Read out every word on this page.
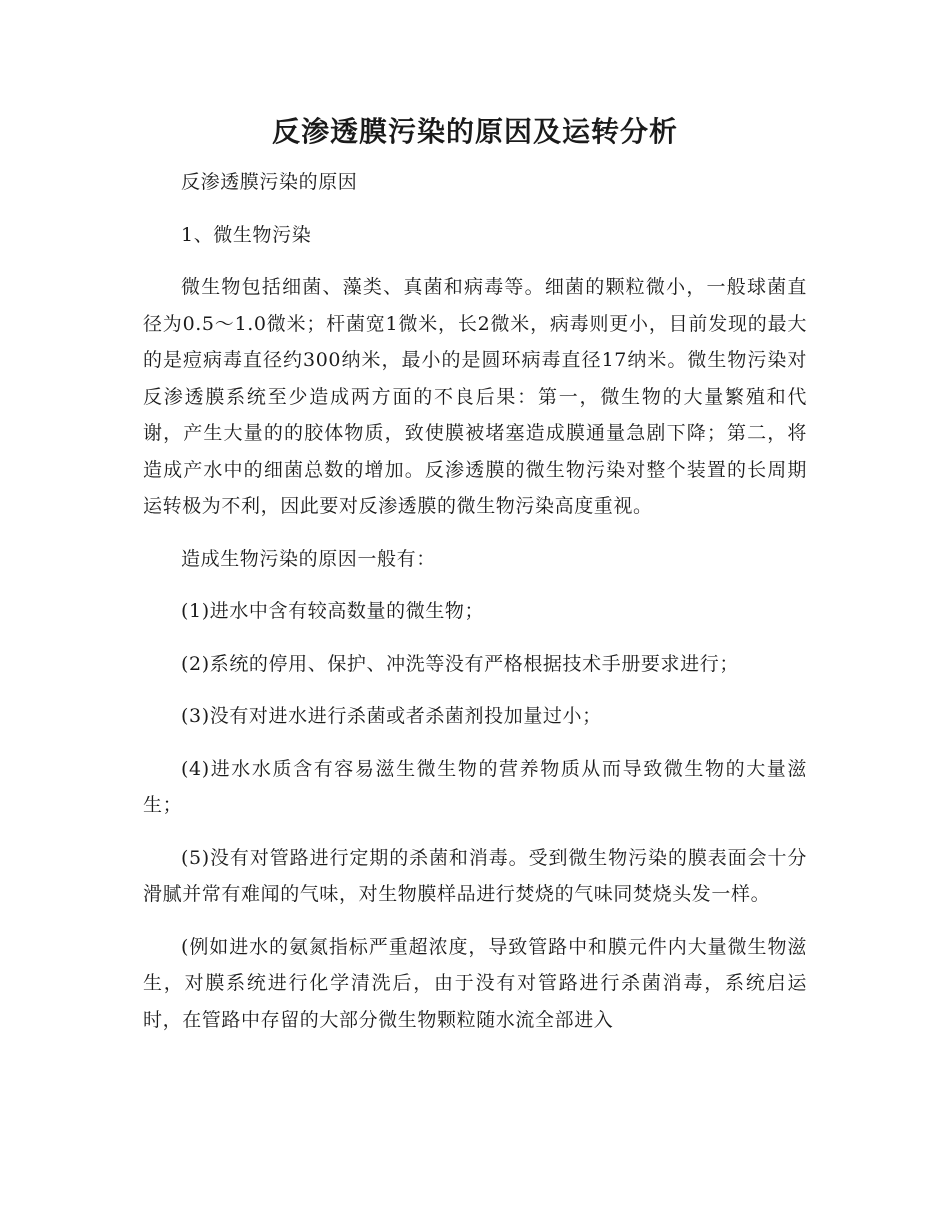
反渗透膜污染的原因及运转分析

反渗透膜污染的原因

1、微生物污染

微生物包括细菌、藻类、真菌和病毒等。细菌的颗粒微小，一般球菌直径为0.5～1.0微米；杆菌宽1微米，长2微米，病毒则更小，目前发现的最大的是痘病毒直径约300纳米，最小的是圆环病毒直径17纳米。微生物污染对反渗透膜系统至少造成两方面的不良后果：第一，微生物的大量繁殖和代谢，产生大量的的胶体物质，致使膜被堵塞造成膜通量急剧下降；第二，将造成产水中的细菌总数的增加。反渗透膜的微生物污染对整个装置的长周期运转极为不利，因此要对反渗透膜的微生物污染高度重视。

造成生物污染的原因一般有：

(1)进水中含有较高数量的微生物；

(2)系统的停用、保护、冲洗等没有严格根据技术手册要求进行；

(3)没有对进水进行杀菌或者杀菌剂投加量过小；

(4)进水水质含有容易滋生微生物的营养物质从而导致微生物的大量滋生；

(5)没有对管路进行定期的杀菌和消毒。受到微生物污染的膜表面会十分滑腻并常有难闻的气味，对生物膜样品进行焚烧的气味同焚烧头发一样。

(例如进水的氨氮指标严重超浓度，导致管路中和膜元件内大量微生物滋生，对膜系统进行化学清洗后，由于没有对管路进行杀菌消毒，系统启运时，在管路中存留的大部分微生物颗粒随水流全部进入
